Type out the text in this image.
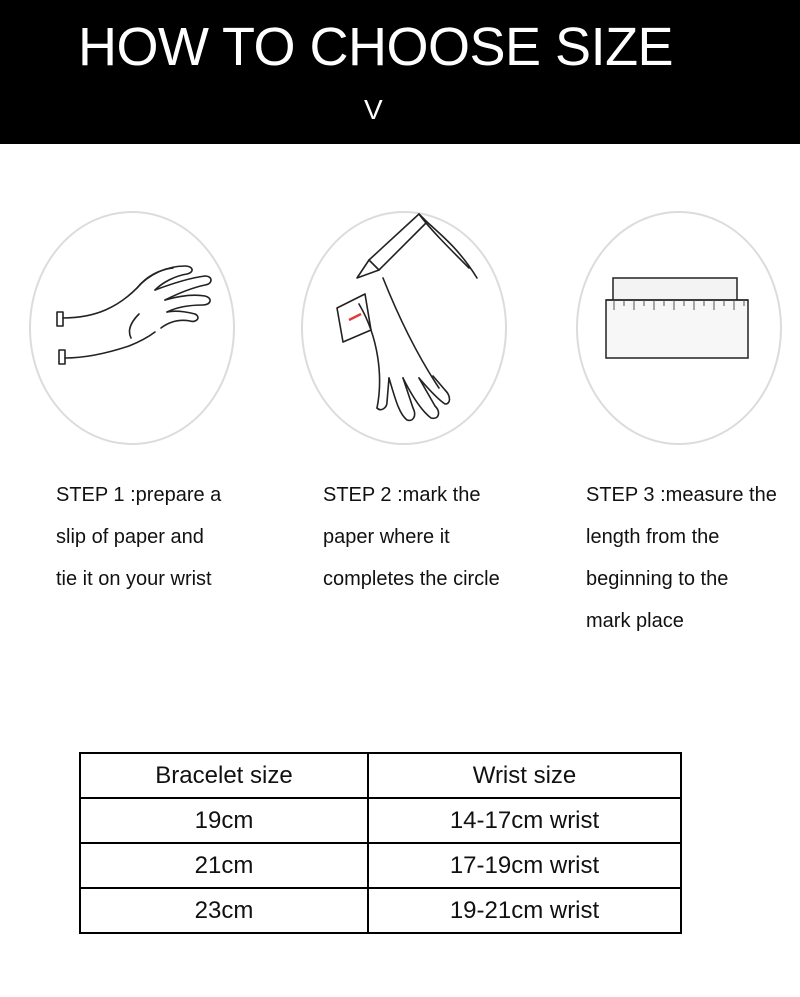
HOW TO CHOOSE SIZE
V
STEP 1 :prepare a
slip of paper and
tie it on your wrist
STEP 2 :mark the
paper where it
completes the circle
STEP 3 :measure the
length from the
beginning to the
mark place
Bracelet size	Wrist size
19cm	14-17cm wrist
21cm	17-19cm wrist
23cm	19-21cm wrist
